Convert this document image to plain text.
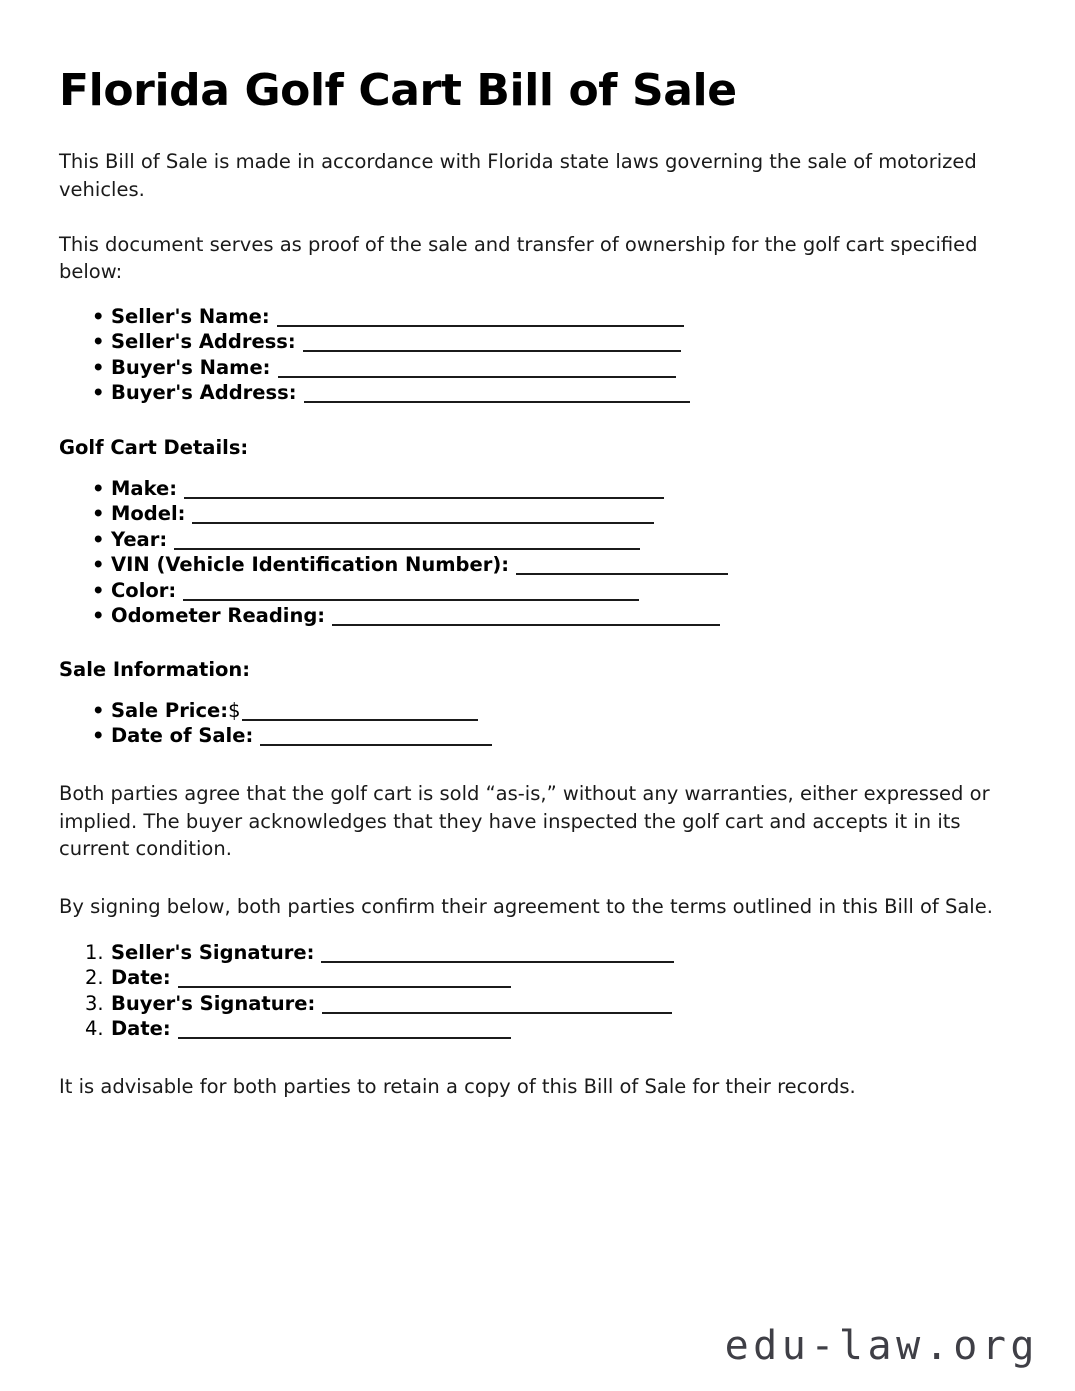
Florida Golf Cart Bill of Sale

This Bill of Sale is made in accordance with Florida state laws governing the sale of motorized vehicles.

This document serves as proof of the sale and transfer of ownership for the golf cart specified below:

• Seller's Name:
• Seller's Address:
• Buyer's Name:
• Buyer's Address:

Golf Cart Details:

• Make:
• Model:
• Year:
• VIN (Vehicle Identification Number):
• Color:
• Odometer Reading:

Sale Information:

• Sale Price:$
• Date of Sale:

Both parties agree that the golf cart is sold “as-is,” without any warranties, either expressed or implied. The buyer acknowledges that they have inspected the golf cart and accepts it in its current condition.

By signing below, both parties confirm their agreement to the terms outlined in this Bill of Sale.

Seller's Signature:
Date:
Buyer's Signature:
Date:

It is advisable for both parties to retain a copy of this Bill of Sale for their records.

edu-law.org
